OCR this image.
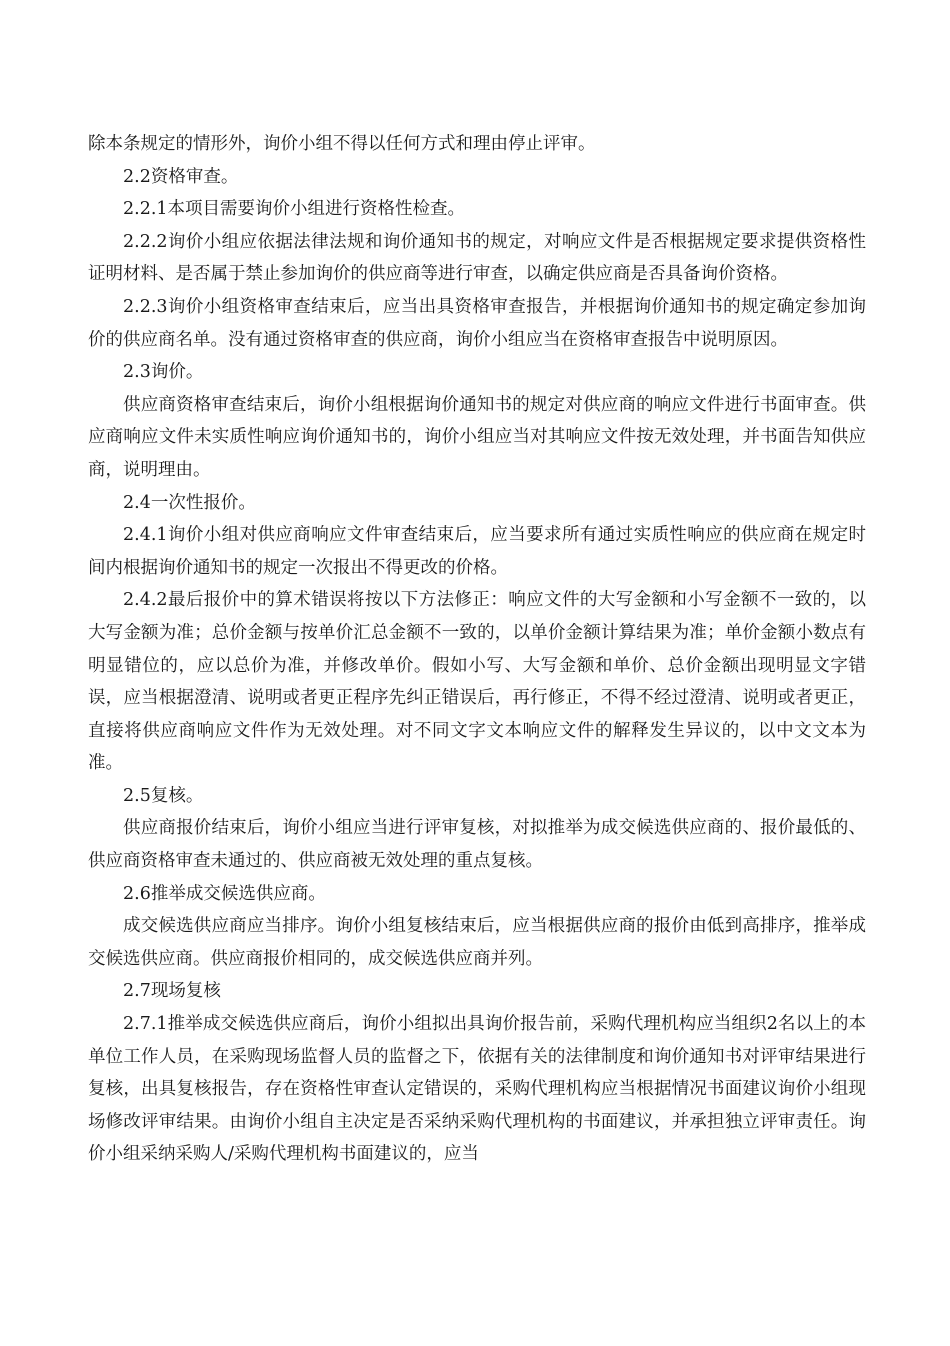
除本条规定的情形外，询价小组不得以任何方式和理由停止评审。

2.2资格审查。

2.2.1本项目需要询价小组进行资格性检查。

2.2.2询价小组应依据法律法规和询价通知书的规定，对响应文件是否根据规定要求提供资格性证明材料、是否属于禁止参加询价的供应商等进行审查，以确定供应商是否具备询价资格。

2.2.3询价小组资格审查结束后，应当出具资格审查报告，并根据询价通知书的规定确定参加询价的供应商名单。没有通过资格审查的供应商，询价小组应当在资格审查报告中说明原因。

2.3询价。

供应商资格审查结束后，询价小组根据询价通知书的规定对供应商的响应文件进行书面审查。供应商响应文件未实质性响应询价通知书的，询价小组应当对其响应文件按无效处理，并书面告知供应商，说明理由。

2.4一次性报价。

2.4.1询价小组对供应商响应文件审查结束后，应当要求所有通过实质性响应的供应商在规定时间内根据询价通知书的规定一次报出不得更改的价格。

2.4.2最后报价中的算术错误将按以下方法修正：响应文件的大写金额和小写金额不一致的，以大写金额为准；总价金额与按单价汇总金额不一致的，以单价金额计算结果为准；单价金额小数点有明显错位的，应以总价为准，并修改单价。假如小写、大写金额和单价、总价金额出现明显文字错误，应当根据澄清、说明或者更正程序先纠正错误后，再行修正，不得不经过澄清、说明或者更正，直接将供应商响应文件作为无效处理。对不同文字文本响应文件的解释发生异议的，以中文文本为准。

2.5复核。

供应商报价结束后，询价小组应当进行评审复核，对拟推举为成交候选供应商的、报价最低的、供应商资格审查未通过的、供应商被无效处理的重点复核。

2.6推举成交候选供应商。

成交候选供应商应当排序。询价小组复核结束后，应当根据供应商的报价由低到高排序，推举成交候选供应商。供应商报价相同的，成交候选供应商并列。

2.7现场复核

2.7.1推举成交候选供应商后，询价小组拟出具询价报告前，采购代理机构应当组织2名以上的本单位工作人员，在采购现场监督人员的监督之下，依据有关的法律制度和询价通知书对评审结果进行复核，出具复核报告，存在资格性审查认定错误的，采购代理机构应当根据情况书面建议询价小组现场修改评审结果。由询价小组自主决定是否采纳采购代理机构的书面建议，并承担独立评审责任。询价小组采纳采购人/采购代理机构书面建议的，应当
